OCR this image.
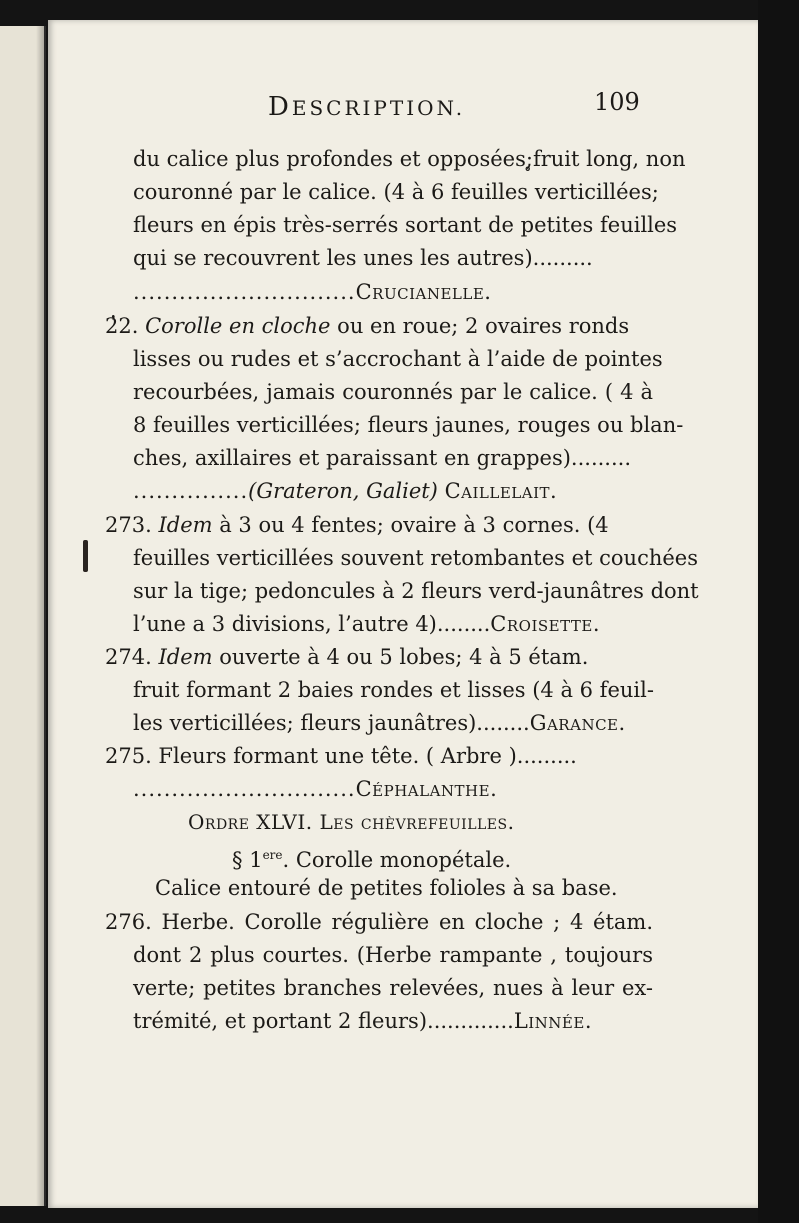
DESCRIPTION.	109
du calice plus profondes et opposées;̥fruit long, non
couronné par le calice. (4 à 6 feuilles verticillées;
fleurs en épis très-serrés sortant de petites feuilles
qui se recouvrent les unes les autres).........
.............................Crucianelle.
2̓2. Corolle en cloche ou en roue; 2 ovaires ronds
lisses ou rudes et s’accrochant à l’aide de pointes
recourbées, jamais couronnés par le calice. ( 4 à
8 feuilles verticillées; fleurs jaunes, rouges ou blan-
ches, axillaires et paraissant en grappes).........
...............(Grateron, Galiet) Caillelait.
273. Idem à 3 ou 4 fentes; ovaire à 3 cornes. (4
feuilles verticillées souvent retombantes et couchées
sur la tige; pedoncules à 2 fleurs verd-jaunâtres dont
l’une a 3 divisions, l’autre 4)........Croisette.
274. Idem ouverte à 4 ou 5 lobes; 4 à 5 étam.
fruit formant 2 baies rondes et lisses (4 à 6 feuil-
les verticillées; fleurs jaunâtres)........Garance.
275. Fleurs formant une tête. ( Arbre ).........
.............................Céphalanthe.
Ordre XLVI. Les chèvrefeuilles.
§ 1ere. Corolle monopétale.
Calice entouré de petites folioles à sa base.
276. Herbe. Corolle régulière en cloche ; 4 étam.
dont 2 plus courtes. (Herbe rampante , toujours
verte; petites branches relevées, nues à leur ex-
trémité, et portant 2 fleurs).............Linnée.
